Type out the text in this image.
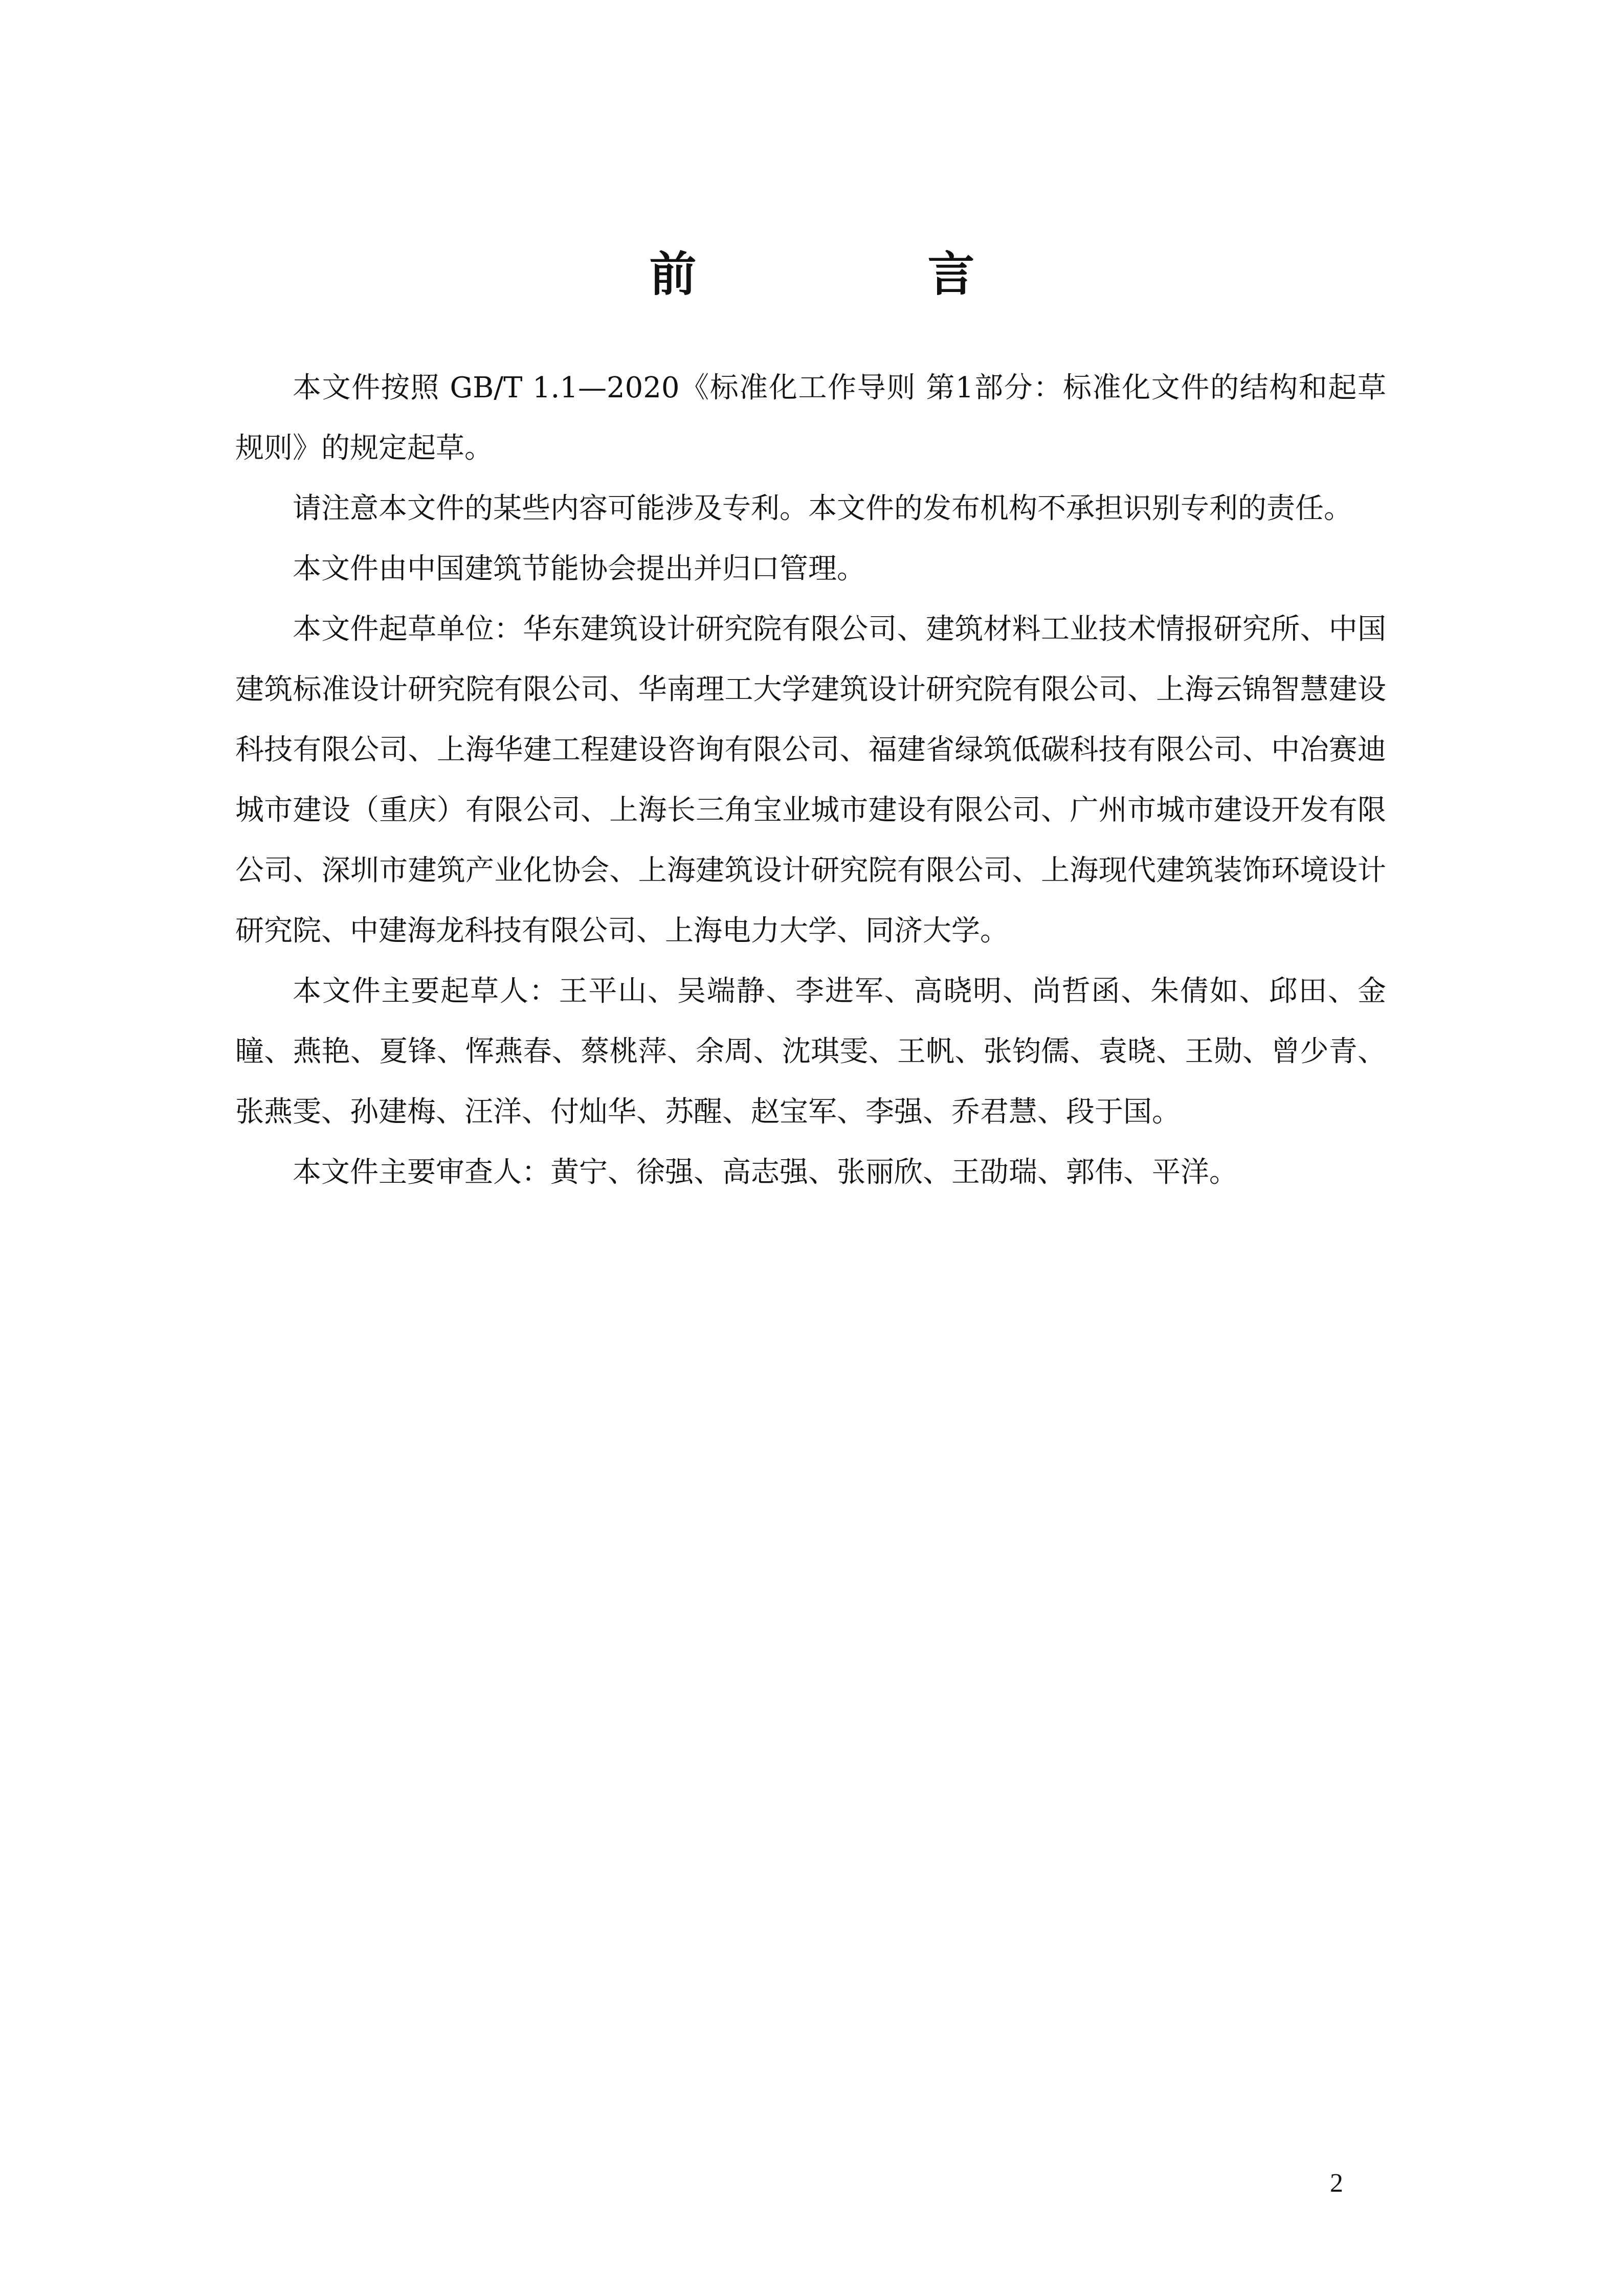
前　言

本文件按照 GB/T 1.1—2020《标准化工作导则 第1部分：标准化文件的结构和起草规则》的规定起草。

请注意本文件的某些内容可能涉及专利。本文件的发布机构不承担识别专利的责任。

本文件由中国建筑节能协会提出并归口管理。

本文件起草单位：华东建筑设计研究院有限公司、建筑材料工业技术情报研究所、中国建筑标准设计研究院有限公司、华南理工大学建筑设计研究院有限公司、上海云锦智慧建设科技有限公司、上海华建工程建设咨询有限公司、福建省绿筑低碳科技有限公司、中冶赛迪城市建设（重庆）有限公司、上海长三角宝业城市建设有限公司、广州市城市建设开发有限公司、深圳市建筑产业化协会、上海建筑设计研究院有限公司、上海现代建筑装饰环境设计研究院、中建海龙科技有限公司、上海电力大学、同济大学。

本文件主要起草人：王平山、吴端静、李进军、高晓明、尚哲函、朱倩如、邱田、金瞳、燕艳、夏锋、恽燕春、蔡桃萍、余周、沈琪雯、王帆、张钧儒、袁晓、王勋、曾少青、张燕雯、孙建梅、汪洋、付灿华、苏醒、赵宝军、李强、乔君慧、段于国。

本文件主要审查人：黄宁、徐强、高志强、张丽欣、王劭瑞、郭伟、平洋。

2
